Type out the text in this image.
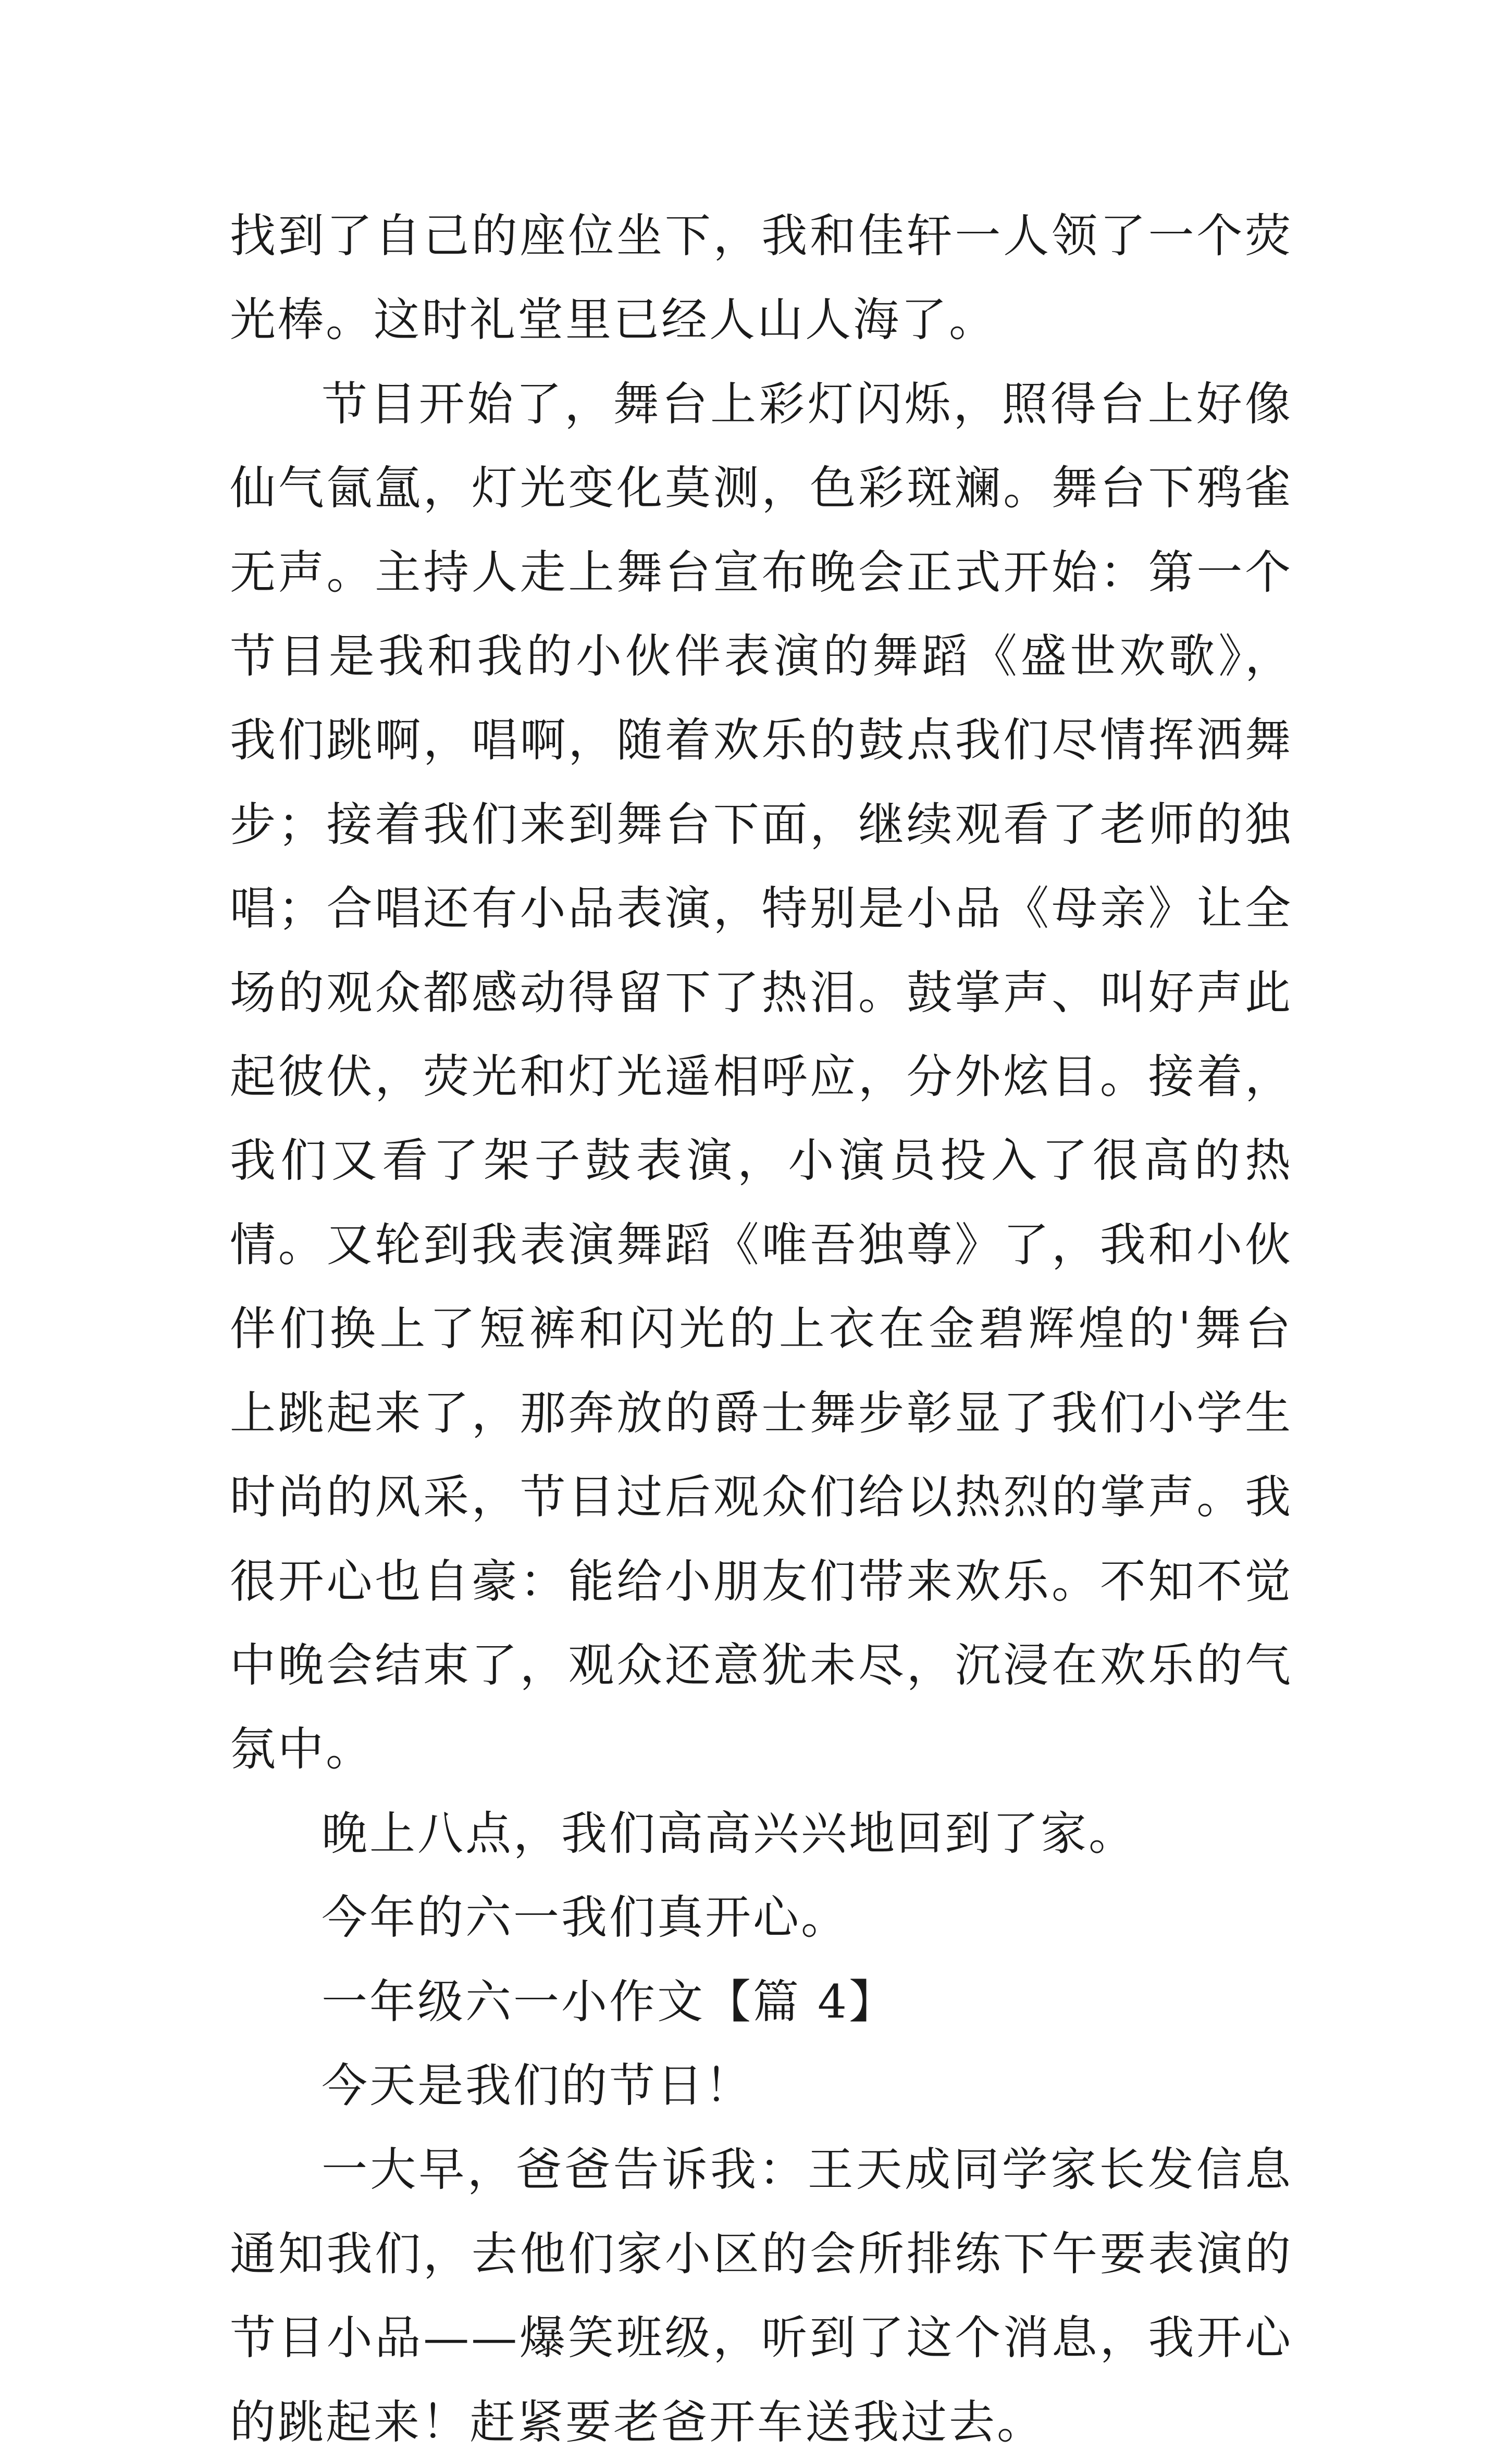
找到了自己的座位坐下，我和佳轩一人领了一个荧光棒。这时礼堂里已经人山人海了。

节目开始了，舞台上彩灯闪烁，照得台上好像仙气氤氲，灯光变化莫测，色彩斑斓。舞台下鸦雀无声。主持人走上舞台宣布晚会正式开始：第一个节目是我和我的小伙伴表演的舞蹈《盛世欢歌》，我们跳啊，唱啊，随着欢乐的鼓点我们尽情挥洒舞步；接着我们来到舞台下面，继续观看了老师的独唱；合唱还有小品表演，特别是小品《母亲》让全场的观众都感动得留下了热泪。鼓掌声、叫好声此起彼伏，荧光和灯光遥相呼应，分外炫目。接着，我们又看了架子鼓表演，小演员投入了很高的热情。又轮到我表演舞蹈《唯吾独尊》了，我和小伙伴们换上了短裤和闪光的上衣在金碧辉煌的'舞台上跳起来了，那奔放的爵士舞步彰显了我们小学生时尚的风采，节目过后观众们给以热烈的掌声。我很开心也自豪：能给小朋友们带来欢乐。不知不觉中晚会结束了，观众还意犹未尽，沉浸在欢乐的气氛中。

晚上八点，我们高高兴兴地回到了家。

今年的六一我们真开心。

一年级六一小作文【篇 4】

今天是我们的节日！

一大早，爸爸告诉我：王天成同学家长发信息通知我们，去他们家小区的会所排练下午要表演的节目小品——爆笑班级，听到了这个消息，我开心的跳起来！赶紧要老爸开车送我过去。
